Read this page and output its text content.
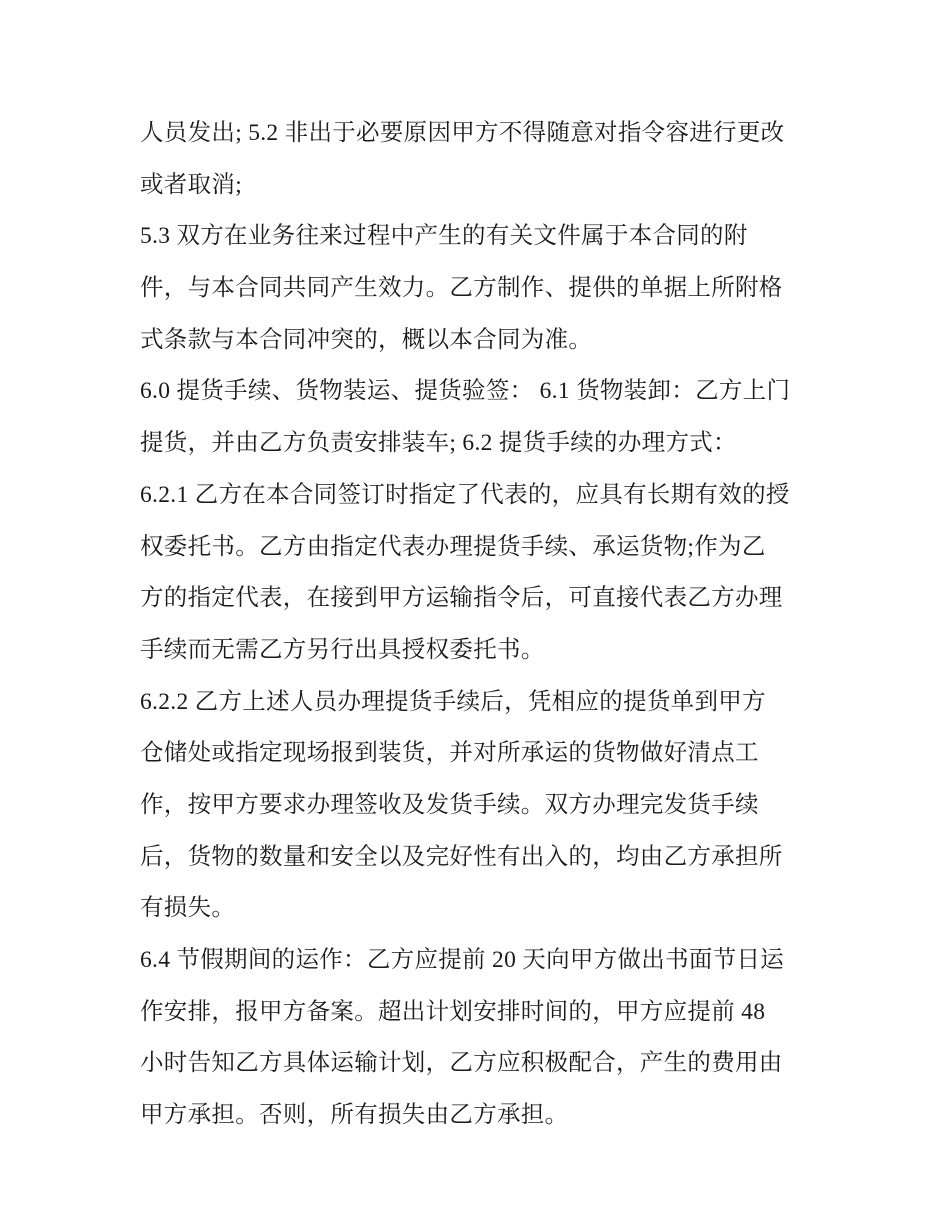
人员发出; 5.2 非出于必要原因甲方不得随意对指令容进行更改
或者取消;
5.3 双方在业务往来过程中产生的有关文件属于本合同的附
件，与本合同共同产生效力。乙方制作、提供的单据上所附格
式条款与本合同冲突的，概以本合同为准。
6.0 提货手续、货物装运、提货验签： 6.1 货物装卸：乙方上门
提货，并由乙方负责安排装车; 6.2 提货手续的办理方式：
6.2.1 乙方在本合同签订时指定了代表的，应具有长期有效的授
权委托书。乙方由指定代表办理提货手续、承运货物;作为乙
方的指定代表，在接到甲方运输指令后，可直接代表乙方办理
手续而无需乙方另行出具授权委托书。
6.2.2 乙方上述人员办理提货手续后，凭相应的提货单到甲方
仓储处或指定现场报到装货，并对所承运的货物做好清点工
作，按甲方要求办理签收及发货手续。双方办理完发货手续
后，货物的数量和安全以及完好性有出入的，均由乙方承担所
有损失。
6.4 节假期间的运作：乙方应提前 20 天向甲方做出书面节日运
作安排，报甲方备案。超出计划安排时间的，甲方应提前 48
小时告知乙方具体运输计划，乙方应积极配合，产生的费用由
甲方承担。否则，所有损失由乙方承担。
